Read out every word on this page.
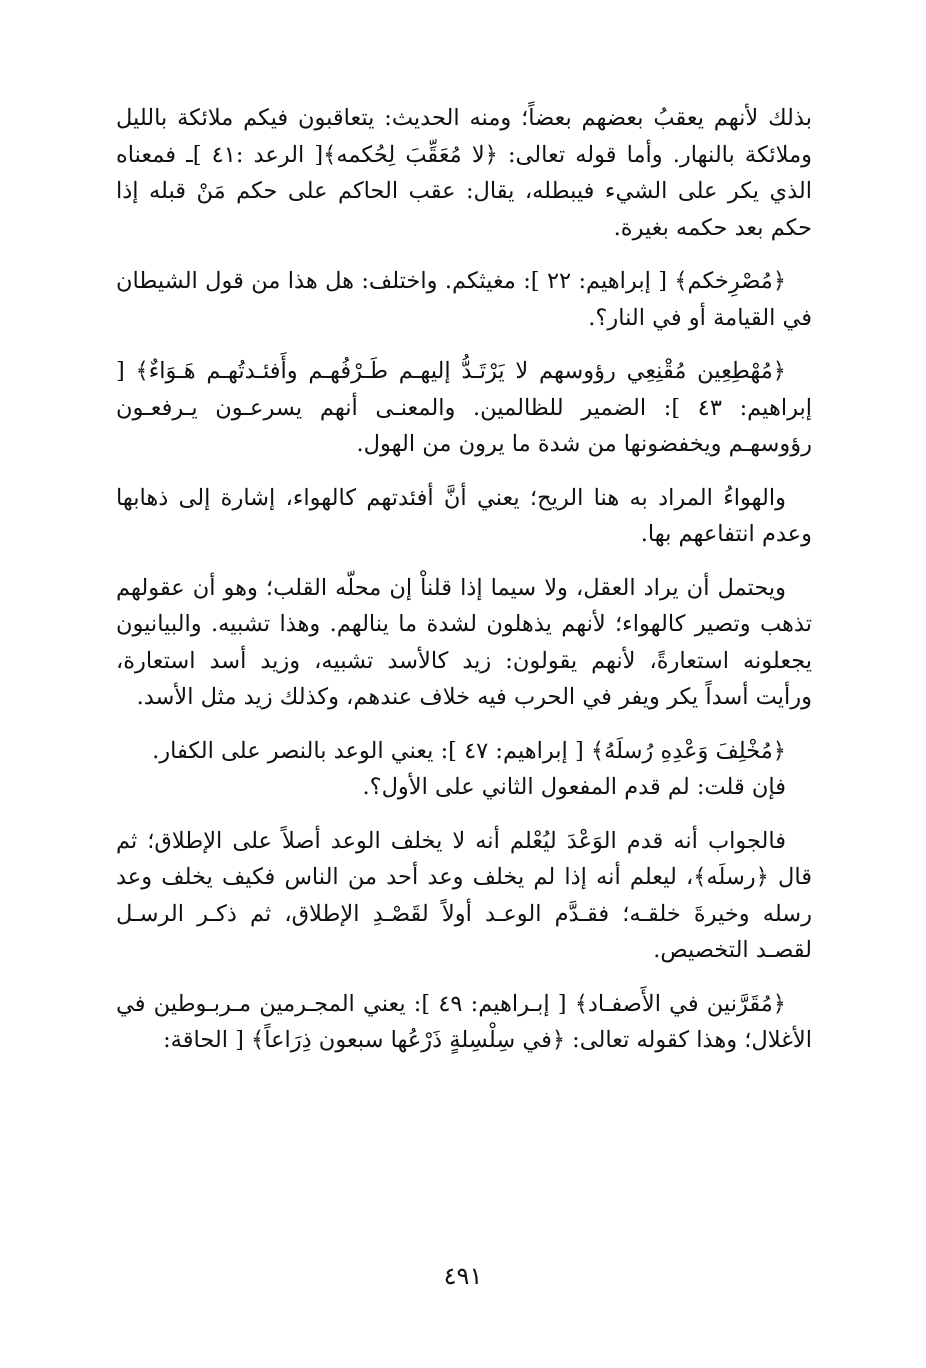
بذلك لأنهم يعقبُ بعضهم بعضاً؛ ومنه الحديث: يتعاقبون فيكم ملائكة بالليل وملائكة بالنهار. وأما قوله تعالى: ﴿لا مُعَقِّبَ لِحُكمه﴾[ الرعد :٤١ ]ـ فمعناه الذي يكر على الشيء فيبطله، يقال: عقب الحاكم على حكم مَنْ قبله إذا حكم بعد حكمه بغيرة.

﴿مُصْرِخكم﴾ [ إبراهيم: ٢٢ ]: مغيثكم. واختلف: هل هذا من قول الشيطان في القيامة أو في النار؟.

﴿مُهْطِعِين مُقْنِعِي رؤوسهم لا يَرْتَـدُّ إليهـم طَـرْفُهـم وأَفئـدتُهـم هَـوَاءٌ﴾ [ إبراهيم: ٤٣ ]: الضمير للظالمين. والمعنـى أنهم يسرعـون يـرفعـون رؤوسهـم ويخفضونها من شدة ما يرون من الهول.

والهواءُ المراد به هنا الريح؛ يعني أنَّ أفئدتهم كالهواء، إشارة إلى ذهابها وعدم انتفاعهم بها.

ويحتمل أن يراد العقل، ولا سيما إذا قلناْ إن محلّه القلب؛ وهو أن عقولهم تذهب وتصير كالهواء؛ لأنهم يذهلون لشدة ما ينالهم. وهذا تشبيه. والبيانيون يجعلونه استعارةً، لأنهم يقولون: زيد كالأسد تشبيه، وزيد أسد استعارة، ورأيت أسداً يكر ويفر في الحرب فيه خلاف عندهم، وكذلك زيد مثل الأسد.

﴿مُخْلِفَ وَعْدِهِ رُسلَهُ﴾ [ إبراهيم: ٤٧ ]: يعني الوعد بالنصر على الكفار.

فإن قلت: لم قدم المفعول الثاني على الأول؟.

فالجواب أنه قدم الوَعْدَ ليُعْلم أنه لا يخلف الوعد أصلاً على الإطلاق؛ ثم قال ﴿رسلَه﴾، ليعلم أنه إذا لم يخلف وعد أحد من الناس فكيف يخلف وعد رسله وخيرةَ خلقـه؛ فقـدَّم الوعـد أولاً لقَصْـدِ الإطلاق، ثم ذكـر الرسـل لقصـد التخصيص.

﴿مُقَرَّنين في الأَصفـاد﴾ [ إبـراهيم: ٤٩ ]: يعني المجـرمين مـربـوطين في الأغلال؛ وهذا كقوله تعالى: ﴿في سِلْسِلةٍ ذَرْعُها سبعون ذِرَاعاً﴾ [ الحاقة:

٤٩١
